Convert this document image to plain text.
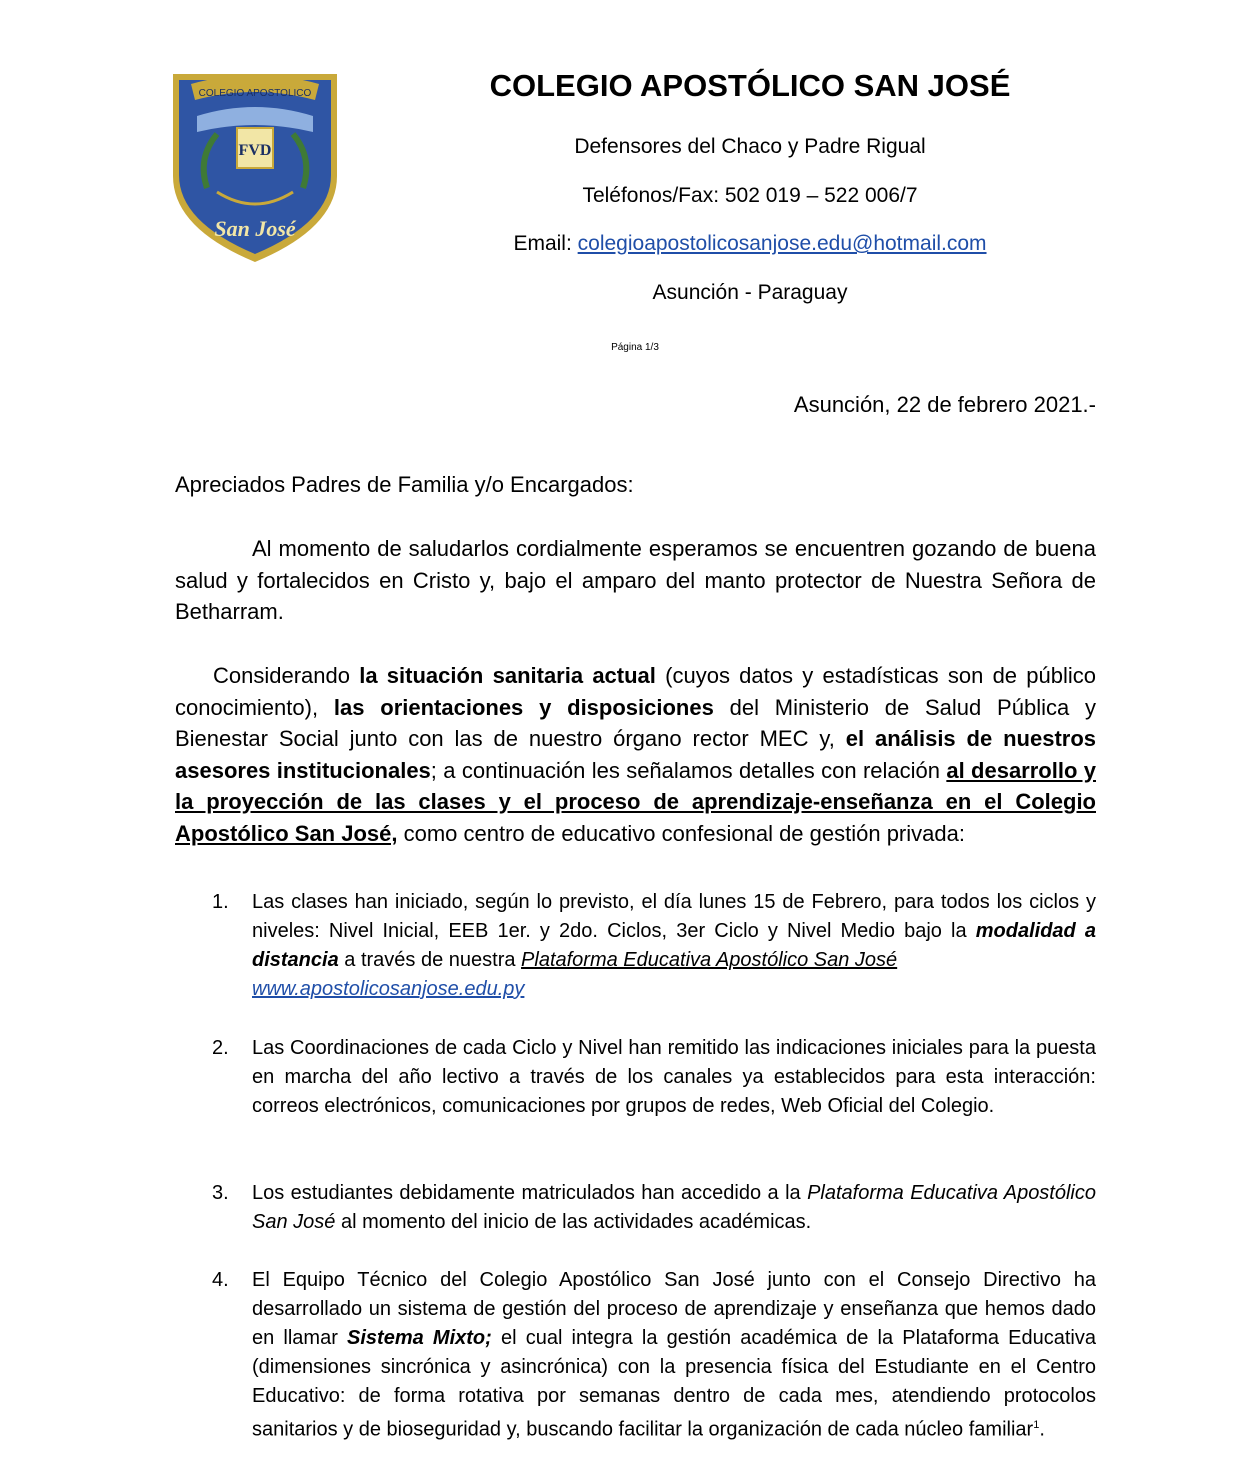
COLEGIO APOSTOLICO
FVD
San José
COLEGIO APOSTÓLICO SAN JOSÉ
Defensores del Chaco y Padre Rigual
Teléfonos/Fax: 502 019 – 522 006/7
Email: colegioapostolicosanjose.edu@hotmail.com
Asunción - Paraguay
Página 1/3
Asunción, 22 de febrero 2021.-
Apreciados Padres de Familia y/o Encargados:
Al momento de saludarlos cordialmente esperamos se encuentren gozando de buena salud y fortalecidos en Cristo y, bajo el amparo del manto protector de Nuestra Señora de Betharram.
Considerando la situación sanitaria actual (cuyos datos y estadísticas son de público conocimiento), las orientaciones y disposiciones del Ministerio de Salud Pública y Bienestar Social junto con las de nuestro órgano rector MEC y, el análisis de nuestros asesores institucionales; a continuación les señalamos detalles con relación al desarrollo y la proyección de las clases y el proceso de aprendizaje-enseñanza en el Colegio Apostólico San José, como centro de educativo confesional de gestión privada:
1.	Las clases han iniciado, según lo previsto, el día lunes 15 de Febrero, para todos los ciclos y niveles: Nivel Inicial, EEB 1er. y 2do. Ciclos, 3er Ciclo y Nivel Medio bajo la modalidad a distancia a través de nuestra Plataforma Educativa Apostólico San José
www.apostolicosanjose.edu.py
2.	Las Coordinaciones de cada Ciclo y Nivel han remitido las indicaciones iniciales para la puesta en marcha del año lectivo a través de los canales ya establecidos para esta interacción: correos electrónicos, comunicaciones por grupos de redes, Web Oficial del Colegio.
3.	Los estudiantes debidamente matriculados han accedido a la Plataforma Educativa Apostólico San José al momento del inicio de las actividades académicas.
4.	El Equipo Técnico del Colegio Apostólico San José junto con el Consejo Directivo ha desarrollado un sistema de gestión del proceso de aprendizaje y enseñanza que hemos dado en llamar Sistema Mixto; el cual integra la gestión académica de la Plataforma Educativa (dimensiones sincrónica y asincrónica) con la presencia física del Estudiante en el Centro Educativo: de forma rotativa por semanas dentro de cada mes, atendiendo protocolos sanitarios y de bioseguridad y, buscando facilitar la organización de cada núcleo familiar$^1$.
